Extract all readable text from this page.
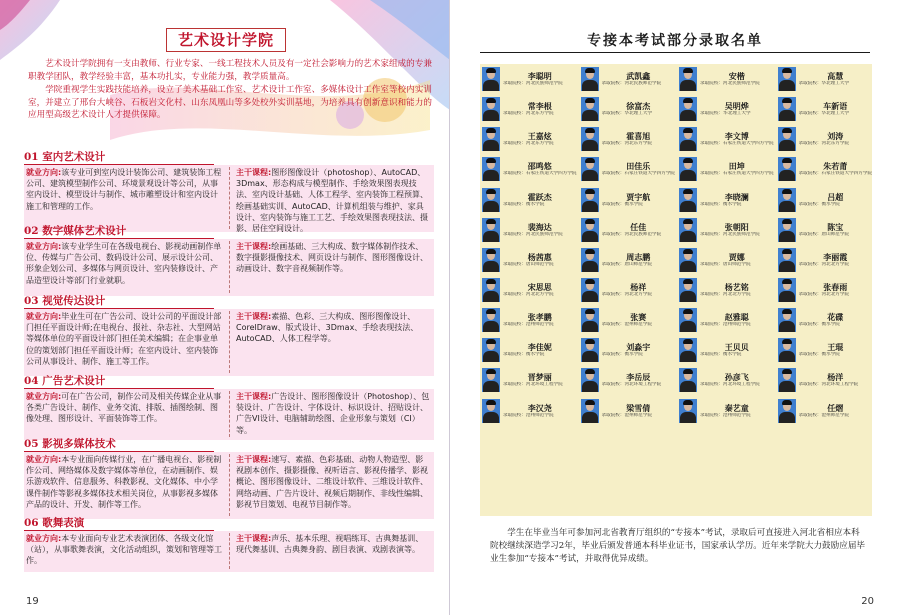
艺术设计学院

艺术设计学院拥有一支由教师、行业专家、一线工程技术人员及有一定社会影响力的艺术家组成的专兼职教学团队，教学经验丰富，基本功扎实，专业能力强，教学质量高。

学院重视学生实践技能培养，设立了美术基础工作室、艺术设计工作室、多媒体设计工作室等校内实训室，并建立了邢台大峡谷、石板岩文化村、山东凤凰山等多处校外实训基地，为培养具有创新意识和能力的应用型高级艺术设计人才提供保障。

01 室内艺术设计
就业方向:该专业可到室内设计装饰公司、建筑装饰工程公司、建筑模型制作公司、环境景观设计等公司，从事室内设计、模型设计与制作、城市雕塑设计和室内设计施工和管理的工作。
主干课程:图形图像设计（photoshop）、AutoCAD、3Dmax、形态构成与模型制作、手绘效果图表现技法、室内设计基础、人体工程学、室内装饰工程预算、绘画基础实训、AutoCAD、计算机组装与维护、家具设计、室内装饰与施工工艺、手绘效果图表现技法、摄影、居住空间设计。
02 数字媒体艺术设计
就业方向:该专业学生可在各级电视台、影视动画制作单位、传媒与广告公司、数码设计公司、展示设计公司、形象企划公司、多媒体与网页设计、室内装修设计、产品造型设计等部门行业就职。
主干课程:绘画基础、三大构成、数字媒体制作技术、数字摄影摄像技术、网页设计与制作、图形图像设计、动画设计、数字音视频制作等。
03 视觉传达设计
就业方向:毕业生可在广告公司、设计公司的平面设计部门担任平面设计师;在电视台、报社、杂志社、大型网站等媒体单位的平面设计部门担任美术编辑；在企事业单位的策划部门担任平面设计师；在室内设计、室内装饰公司从事设计、制作、施工等工作。
主干课程:素描、色彩、三大构成、图形图像设计、CorelDraw、版式设计、3Dmax、手绘表现技法、AutoCAD、人体工程学等。
04 广告艺术设计
就业方向:可在广告公司，制作公司及相关传媒企业从事各类广告设计、制作、业务交流、排版、插图绘制、图像处理、图形设计、平面装饰等工作。
主干课程:广告设计、图形图像设计（Photoshop）、包装设计、广告设计、字体设计、标识设计、招贴设计、广告VI设计、电脑辅助绘图、企业形象与策划（CI）等。
05 影视多媒体技术
就业方向:本专业面向传媒行业，在广播电视台、影视制作公司、网络媒体及数字媒体等单位，在动画制作、娱乐游戏软件、信息服务、科教影视、文化媒体、中小学课件制作等影视多媒体技术相关岗位，从事影视多媒体产品的设计、开发、制作等工作。
主干课程:速写、素描、色彩基础、动物人物造型、影视剧本创作、摄影摄像、视听语言、影视传播学、影视概论、图形图像设计、二维设计软件、三维设计软件、网络动画、广告片设计、视频后期制作、非线性编辑、影视节目策划、电视节目制作等。
06 歌舞表演
就业方向:本专业面向专业艺术表演团体、各级文化馆（站），从事歌舞表演，文化活动组织，策划和管理等工作。
主干课程:声乐、基本乐理、视唱练耳、古典舞基训、现代舞基训、古典舞身韵、剧目表演、戏剧表演等。
19
专接本考试部分录取名单
李聪明
录取院校：河北民族师范学院
武凯鑫
录取院校：河北民族师范学院
安楷
录取院校：河北民族师范学院
高慧
录取院校：华北理工大学
常李根
录取院校：河北东方学院
徐富杰
录取院校：华北理工大学
吴明烨
录取院校：华北理工大学
车新语
录取院校：华北理工大学
王嘉炫
录取院校：河北东方学院
霍喜旭
录取院校：河北东方学院
李文博
录取院校：石家庄铁道大学四方学院
刘涛
录取院校：河北东方学院
邵鸣悠
录取院校：石家庄铁道大学四方学院
田佳乐
录取院校：石家庄铁道大学四方学院
田坤
录取院校：石家庄铁道大学四方学院
朱若莆
录取院校：石家庄铁道大学四方学院
霍跃杰
录取院校：衡水学院
贾宇航
录取院校：衡水学院
李晓澜
录取院校：衡水学院
吕超
录取院校：衡水学院
裴海达
录取院校：河北民族师范学院
任佳
录取院校：河北民族师范学院
张朝阳
录取院校：河北民族师范学院
陈宝
录取院校：唐山师范学院
杨茜惠
录取院校：唐山师范学院
周志鹏
录取院校：唐山师范学院
贾娜
录取院校：唐山师范学院
李丽霞
录取院校：河北北方学院
宋思思
录取院校：河北北方学院
杨祥
录取院校：河北北方学院
杨艺铭
录取院校：河北北方学院
张春雨
录取院校：河北北方学院
张孝鹏
录取院校：沧州师范学院
张赛
录取院校：沧州师范学院
赵雅聪
录取院校：沧州师范学院
花碟
录取院校：衡水学院
李佳妮
录取院校：衡水学院
刘淼宇
录取院校：衡水学院
王贝贝
录取院校：衡水学院
王琨
录取院校：衡水学院
晋梦丽
录取院校：河北环境工程学院
李岳辰
录取院校：河北环境工程学院
孙彦飞
录取院校：河北环境工程学院
杨洋
录取院校：河北环境工程学院
李汉尧
录取院校：沧州师范学院
梁雪倩
录取院校：沧州师范学院
秦艺童
录取院校：沧州师范学院
任熠
录取院校：沧州师范学院

学生在毕业当年可参加河北省教育厅组织的“专接本”考试，录取后可直接进入河北省相应本科院校继续深造学习2年，毕业后颁发普通本科毕业证书，国家承认学历。近年来学院大力鼓励应届毕业生参加“专接本”考试，并取得优异成绩。

20
